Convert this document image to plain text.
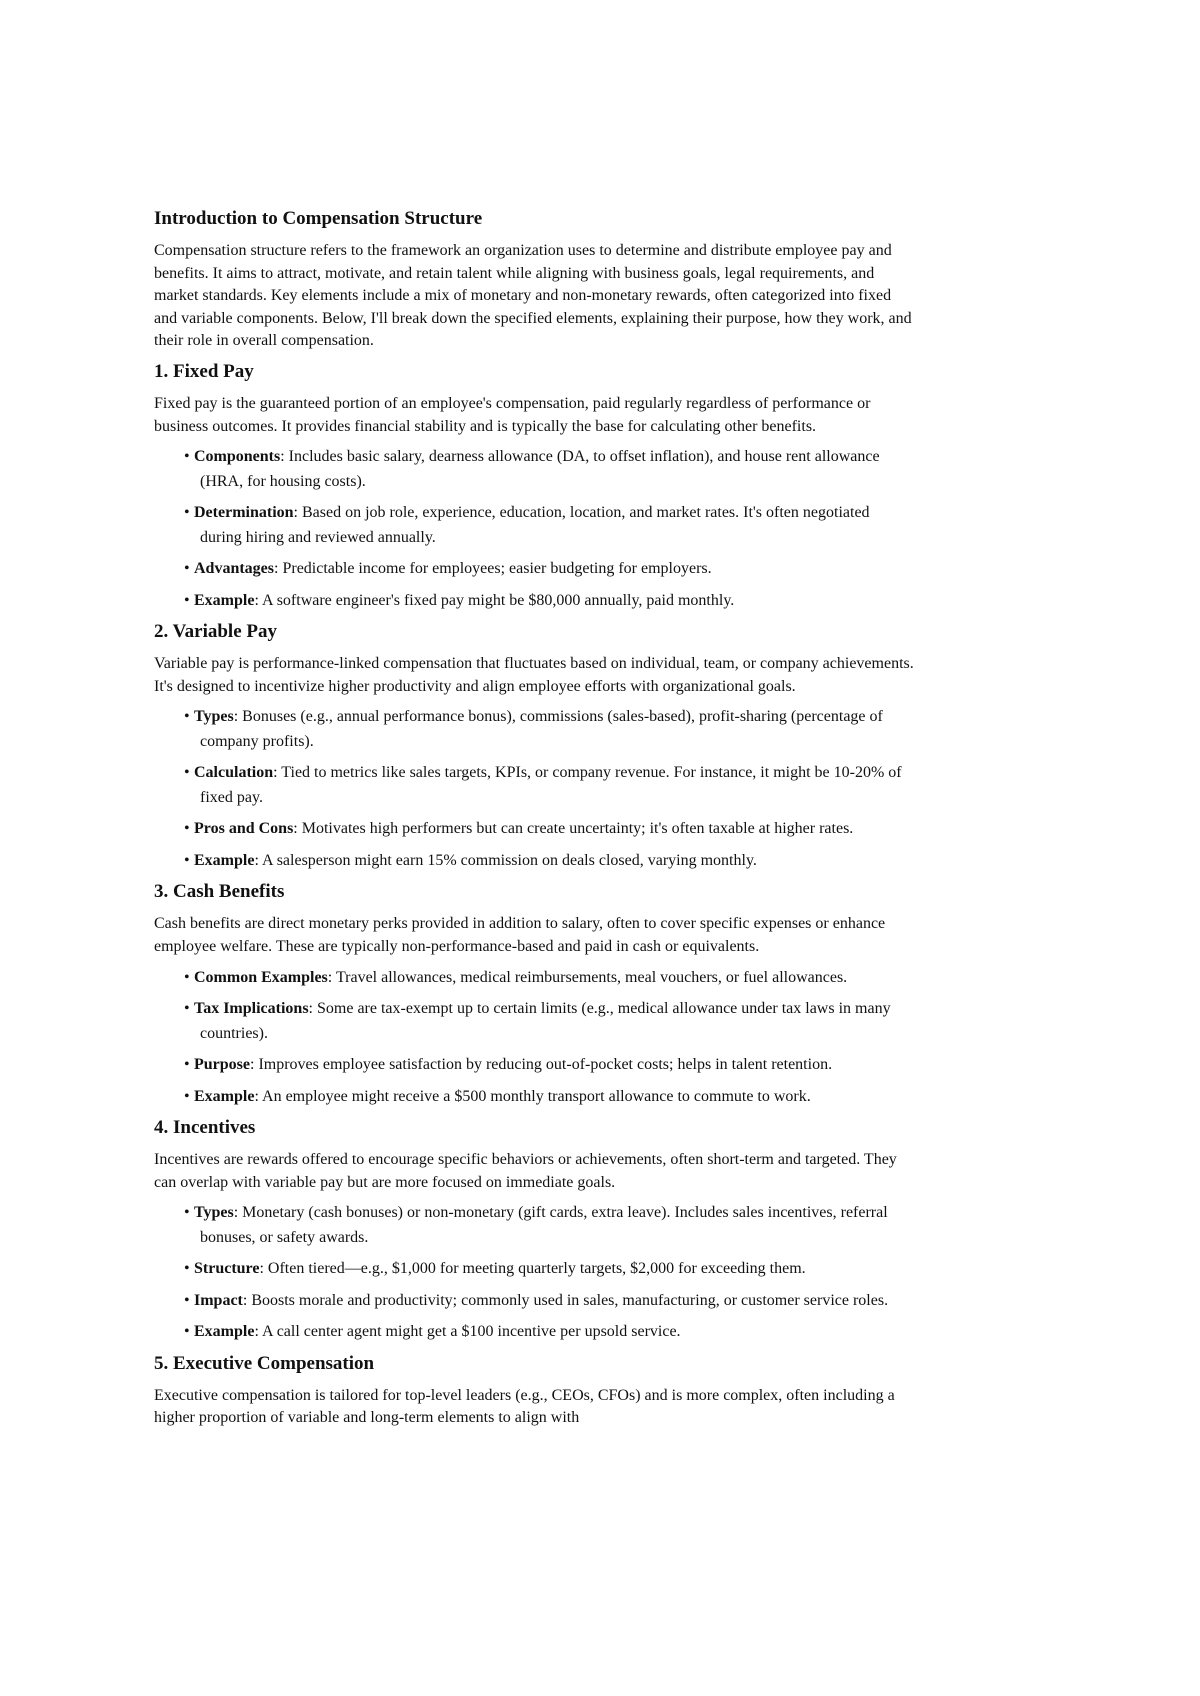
Introduction to Compensation Structure

Compensation structure refers to the framework an organization uses to determine and distribute employee pay and benefits. It aims to attract, motivate, and retain talent while aligning with business goals, legal requirements, and market standards. Key elements include a mix of monetary and non-monetary rewards, often categorized into fixed and variable components. Below, I'll break down the specified elements, explaining their purpose, how they work, and their role in overall compensation.

1. Fixed Pay

Fixed pay is the guaranteed portion of an employee's compensation, paid regularly regardless of performance or business outcomes. It provides financial stability and is typically the base for calculating other benefits.

• Components: Includes basic salary, dearness allowance (DA, to offset inflation), and house rent allowance (HRA, for housing costs).
• Determination: Based on job role, experience, education, location, and market rates. It's often negotiated during hiring and reviewed annually.
• Advantages: Predictable income for employees; easier budgeting for employers.
• Example: A software engineer's fixed pay might be $80,000 annually, paid monthly.
2. Variable Pay

Variable pay is performance-linked compensation that fluctuates based on individual, team, or company achievements. It's designed to incentivize higher productivity and align employee efforts with organizational goals.

• Types: Bonuses (e.g., annual performance bonus), commissions (sales-based), profit-sharing (percentage of company profits).
• Calculation: Tied to metrics like sales targets, KPIs, or company revenue. For instance, it might be 10-20% of fixed pay.
• Pros and Cons: Motivates high performers but can create uncertainty; it's often taxable at higher rates.
• Example: A salesperson might earn 15% commission on deals closed, varying monthly.
3. Cash Benefits

Cash benefits are direct monetary perks provided in addition to salary, often to cover specific expenses or enhance employee welfare. These are typically non-performance-based and paid in cash or equivalents.

• Common Examples: Travel allowances, medical reimbursements, meal vouchers, or fuel allowances.
• Tax Implications: Some are tax-exempt up to certain limits (e.g., medical allowance under tax laws in many countries).
• Purpose: Improves employee satisfaction by reducing out-of-pocket costs; helps in talent retention.
• Example: An employee might receive a $500 monthly transport allowance to commute to work.
4. Incentives

Incentives are rewards offered to encourage specific behaviors or achievements, often short-term and targeted. They can overlap with variable pay but are more focused on immediate goals.

• Types: Monetary (cash bonuses) or non-monetary (gift cards, extra leave). Includes sales incentives, referral bonuses, or safety awards.
• Structure: Often tiered—e.g., $1,000 for meeting quarterly targets, $2,000 for exceeding them.
• Impact: Boosts morale and productivity; commonly used in sales, manufacturing, or customer service roles.
• Example: A call center agent might get a $100 incentive per upsold service.
5. Executive Compensation

Executive compensation is tailored for top-level leaders (e.g., CEOs, CFOs) and is more complex, often including a higher proportion of variable and long-term elements to align with
